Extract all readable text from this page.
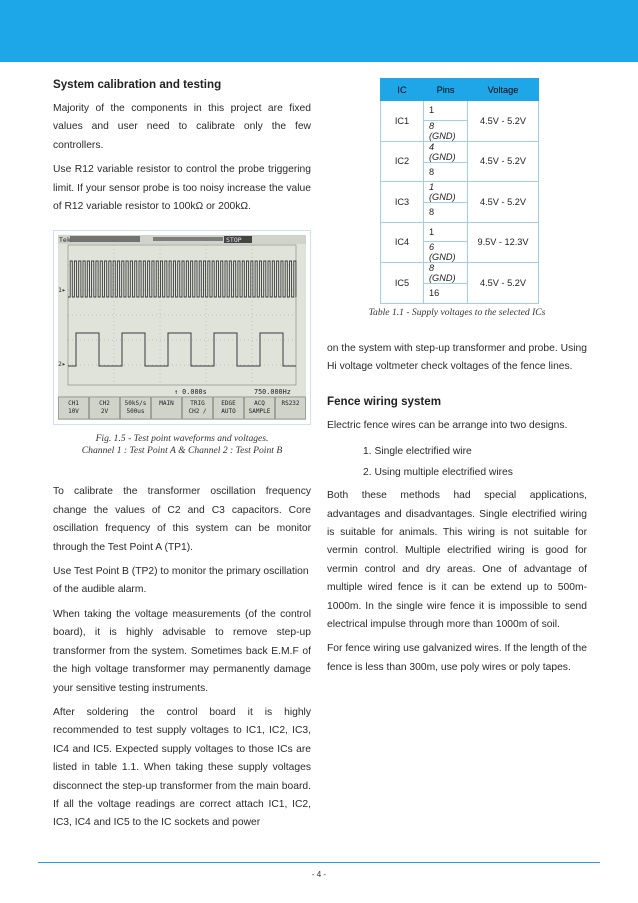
System calibration and testing

Majority of the components in this project are fixed values and user need to calibrate only the few controllers.

Use R12 variable resistor to control the probe triggering limit. If your sensor probe is too noisy increase the value of R12 variable resistor to 100kΩ or 200kΩ.

Tek	STOP
1▸
2▸
↑ 0.000s	750.000Hz
CH1
10V
CH2
2V
50kS/s
500us
MAIN	TRIG
CH2 ∕
EDGE
AUTO
ACQ
SAMPLE
RS232
Fig. 1.5 - Test point waveforms and voltages.
Channel 1 : Test Point A & Channel 2 : Test Point B

To calibrate the transformer oscillation frequency change the values of C2 and C3 capacitors. Core oscillation frequency of this system can be monitor through the Test Point A (TP1).

Use Test Point B (TP2) to monitor the primary oscillation of the audible alarm.

When taking the voltage measurements (of the control board), it is highly advisable to remove step-up transformer from the system. Sometimes back E.M.F of the high voltage transformer may permanently damage your sensitive testing instruments.

After soldering the control board it is highly recommended to test supply voltages to IC1, IC2, IC3, IC4 and IC5. Expected supply voltages to those ICs are listed in table 1.1. When taking these supply voltages disconnect the step-up transformer from the main board. If all the voltage readings are correct attach IC1, IC2, IC3, IC4 and IC5 to the IC sockets and power

IC	Pins	Voltage
IC1	1	4.5V - 5.2V
	8 (GND)	
IC2	4 (GND)	4.5V - 5.2V
	8	
IC3	1 (GND)	4.5V - 5.2V
	8	
IC4	1	9.5V - 12.3V
	6 (GND)	
IC5	8 (GND)	4.5V - 5.2V
	16	
Table 1.1 - Supply voltages to the selected ICs

on the system with step-up transformer and probe. Using Hi voltage voltmeter check voltages of the fence lines.

Fence wiring system

Electric fence wires can be arrange into two designs.

1. Single electrified wire
2. Using multiple electrified wires

Both these methods had special applications, advantages and disadvantages. Single electrified wiring is suitable for animals. This wiring is not suitable for vermin control. Multiple electrified wiring is good for vermin control and dry areas. One of advantage of multiple wired fence is it can be extend up to 500m-1000m. In the single wire fence it is impossible to send electrical impulse through more than 1000m of soil.

For fence wiring use galvanized wires. If the length of the fence is less than 300m, use poly wires or poly tapes.

- 4 -
